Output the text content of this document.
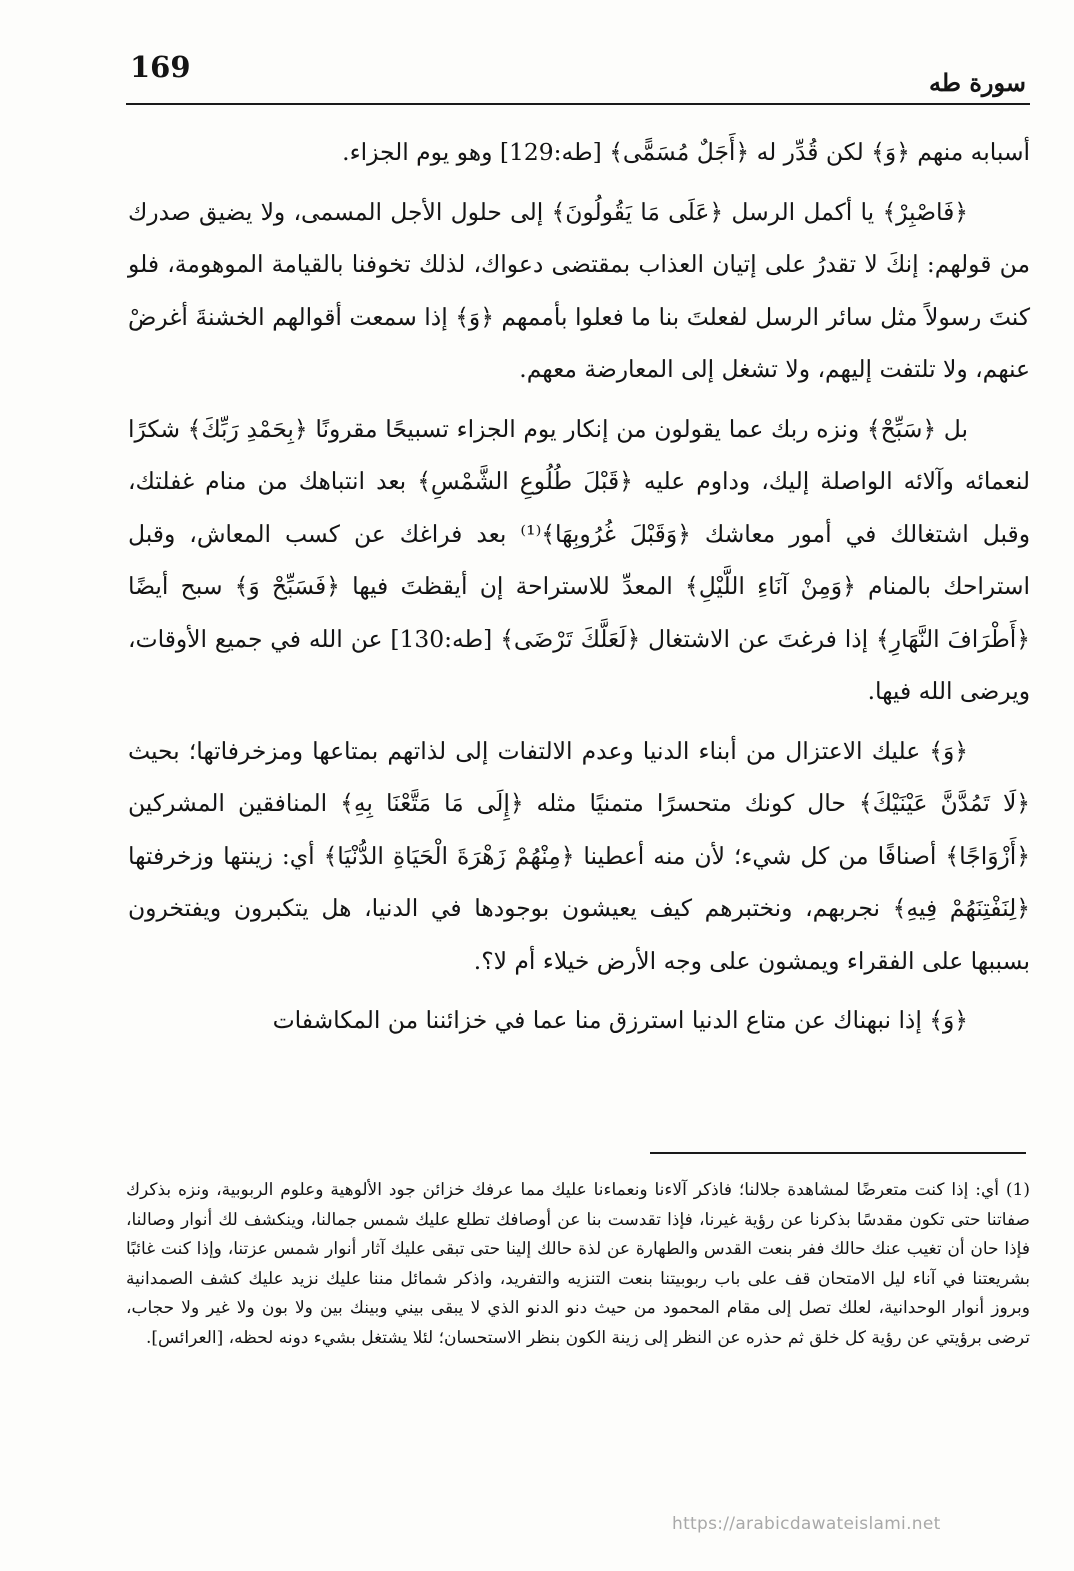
169	سورة طه

أسبابه منهم ﴿وَ﴾ لكن قُدِّر له ﴿أَجَلٌ مُسَمًّى﴾ [طه:129] وهو يوم الجزاء.

﴿فَاصْبِرْ﴾ يا أكمل الرسل ﴿عَلَى مَا يَقُولُونَ﴾ إلى حلول الأجل المسمى، ولا يضيق صدرك من قولهم: إنكَ لا تقدرُ على إتيان العذاب بمقتضى دعواك، لذلك تخوفنا بالقيامة الموهومة، فلو كنتَ رسولاً مثل سائر الرسل لفعلتَ بنا ما فعلوا بأممهم ﴿وَ﴾ إذا سمعت أقوالهم الخشنةَ أغرضْ عنهم، ولا تلتفت إليهم، ولا تشغل إلى المعارضة معهم.

بل ﴿سَبِّحْ﴾ ونزه ربك عما يقولون من إنكار يوم الجزاء تسبيحًا مقرونًا ﴿بِحَمْدِ رَبِّكَ﴾ شكرًا لنعمائه وآلائه الواصلة إليك، وداوم عليه ﴿قَبْلَ طُلُوعِ الشَّمْسِ﴾ بعد انتباهك من منام غفلتك، وقبل اشتغالك في أمور معاشك ﴿وَقَبْلَ غُرُوبِهَا﴾⁽¹⁾ بعد فراغك عن كسب المعاش، وقبل استراحك بالمنام ﴿وَمِنْ آنَاءِ اللَّيْلِ﴾ المعدِّ للاستراحة إن أيقظتَ فيها ﴿فَسَبِّحْ وَ﴾ سبح أيضًا ﴿أَطْرَافَ النَّهَارِ﴾ إذا فرغتَ عن الاشتغال ﴿لَعَلَّكَ تَرْضَى﴾ [طه:130] عن الله في جميع الأوقات، ويرضى الله فيها.

﴿وَ﴾ عليك الاعتزال من أبناء الدنيا وعدم الالتفات إلى لذاتهم بمتاعها ومزخرفاتها؛ بحيث ﴿لَا تَمُدَّنَّ عَيْنَيْكَ﴾ حال كونك متحسرًا متمنيًا مثله ﴿إِلَى مَا مَتَّعْنَا بِهِ﴾ المنافقين المشركين ﴿أَزْوَاجًا﴾ أصنافًا من كل شيء؛ لأن منه أعطينا ﴿مِنْهُمْ زَهْرَةَ الْحَيَاةِ الدُّنْيَا﴾ أي: زينتها وزخرفتها ﴿لِنَفْتِنَهُمْ فِيهِ﴾ نجربهم، ونختبرهم كيف يعيشون بوجودها في الدنيا، هل يتكبرون ويفتخرون بسببها على الفقراء ويمشون على وجه الأرض خيلاء أم لا؟.

﴿وَ﴾ إذا نبهناك عن متاع الدنيا استرزق منا عما في خزائننا من المكاشفات

(1) أي: إذا كنت متعرضًا لمشاهدة جلالنا؛ فاذكر آلاءنا ونعماءنا عليك مما عرفك خزائن جود الألوهية وعلوم الربوبية، ونزه بذكرك صفاتنا حتى تكون مقدسًا بذكرنا عن رؤية غيرنا، فإذا تقدست بنا عن أوصافك تطلع عليك شمس جمالنا، وينكشف لك أنوار وصالنا، فإذا حان أن تغيب عنك حالك ففر بنعت القدس والطهارة عن لذة حالك إلينا حتى تبقى عليك آثار أنوار شمس عزتنا، وإذا كنت غائبًا بشريعتنا في آناء ليل الامتحان قف على باب ربوبيتنا بنعت التنزيه والتفريد، واذكر شمائل مننا عليك نزيد عليك كشف الصمدانية وبروز أنوار الوحدانية، لعلك تصل إلى مقام المحمود من حيث دنو الدنو الذي لا يبقى بيني وبينك بين ولا بون ولا غير ولا حجاب، ترضى برؤيتي عن رؤية كل خلق ثم حذره عن النظر إلى زينة الكون بنظر الاستحسان؛ لئلا يشتغل بشيء دونه لحظه، [العرائس].

https://arabicdawateislami.net
